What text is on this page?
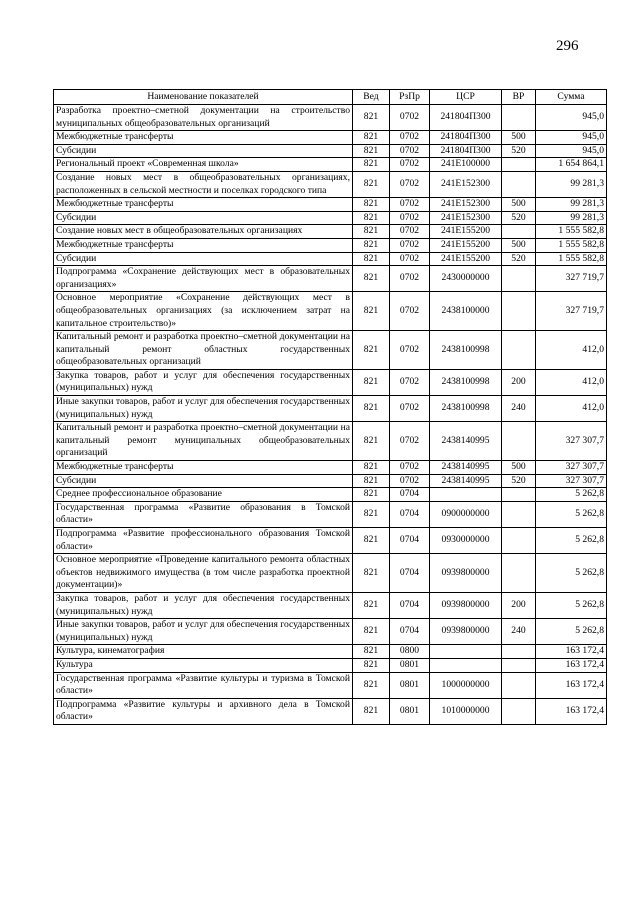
296
Наименование показателей	Вед	РзПр	ЦСР	ВР	Сумма
Разработка проектно–сметной документации на строительство муниципальных общеобразовательных организаций	821	0702	241804П300		945,0
Межбюджетные трансферты	821	0702	241804П300	500	945,0
Субсидии	821	0702	241804П300	520	945,0
Региональный проект «Современная школа»	821	0702	241E100000		1 654 864,1
Создание новых мест в общеобразовательных организациях, расположенных в сельской местности и поселках городского типа	821	0702	241E152300		99 281,3
Межбюджетные трансферты	821	0702	241E152300	500	99 281,3
Субсидии	821	0702	241E152300	520	99 281,3
Создание новых мест в общеобразовательных организациях	821	0702	241E155200		1 555 582,8
Межбюджетные трансферты	821	0702	241E155200	500	1 555 582,8
Субсидии	821	0702	241E155200	520	1 555 582,8
Подпрограмма «Сохранение действующих мест в образовательных организациях»	821	0702	2430000000		327 719,7
Основное мероприятие «Сохранение действующих мест в общеобразовательных организациях (за исключением затрат на капитальное строительство)»	821	0702	2438100000		327 719,7
Капитальный ремонт и разработка проектно–сметной документации на капитальный ремонт областных государственных общеобразовательных организаций	821	0702	2438100998		412,0
Закупка товаров, работ и услуг для обеспечения государственных (муниципальных) нужд	821	0702	2438100998	200	412,0
Иные закупки товаров, работ и услуг для обеспечения государственных (муниципальных) нужд	821	0702	2438100998	240	412,0
Капитальный ремонт и разработка проектно–сметной документации на капитальный ремонт муниципальных общеобразовательных организаций	821	0702	2438140995		327 307,7
Межбюджетные трансферты	821	0702	2438140995	500	327 307,7
Субсидии	821	0702	2438140995	520	327 307,7
Среднее профессиональное образование	821	0704			5 262,8
Государственная программа «Развитие образования в Томской области»	821	0704	0900000000		5 262,8
Подпрограмма «Развитие профессионального образования Томской области»	821	0704	0930000000		5 262,8
Основное мероприятие «Проведение капитального ремонта областных объектов недвижимого имущества (в том числе разработка проектной документации)»	821	0704	0939800000		5 262,8
Закупка товаров, работ и услуг для обеспечения государственных (муниципальных) нужд	821	0704	0939800000	200	5 262,8
Иные закупки товаров, работ и услуг для обеспечения государственных (муниципальных) нужд	821	0704	0939800000	240	5 262,8
Культура, кинематография	821	0800			163 172,4
Культура	821	0801			163 172,4
Государственная программа «Развитие культуры и туризма в Томской области»	821	0801	1000000000		163 172,4
Подпрограмма «Развитие культуры и архивного дела в Томской области»	821	0801	1010000000		163 172,4
